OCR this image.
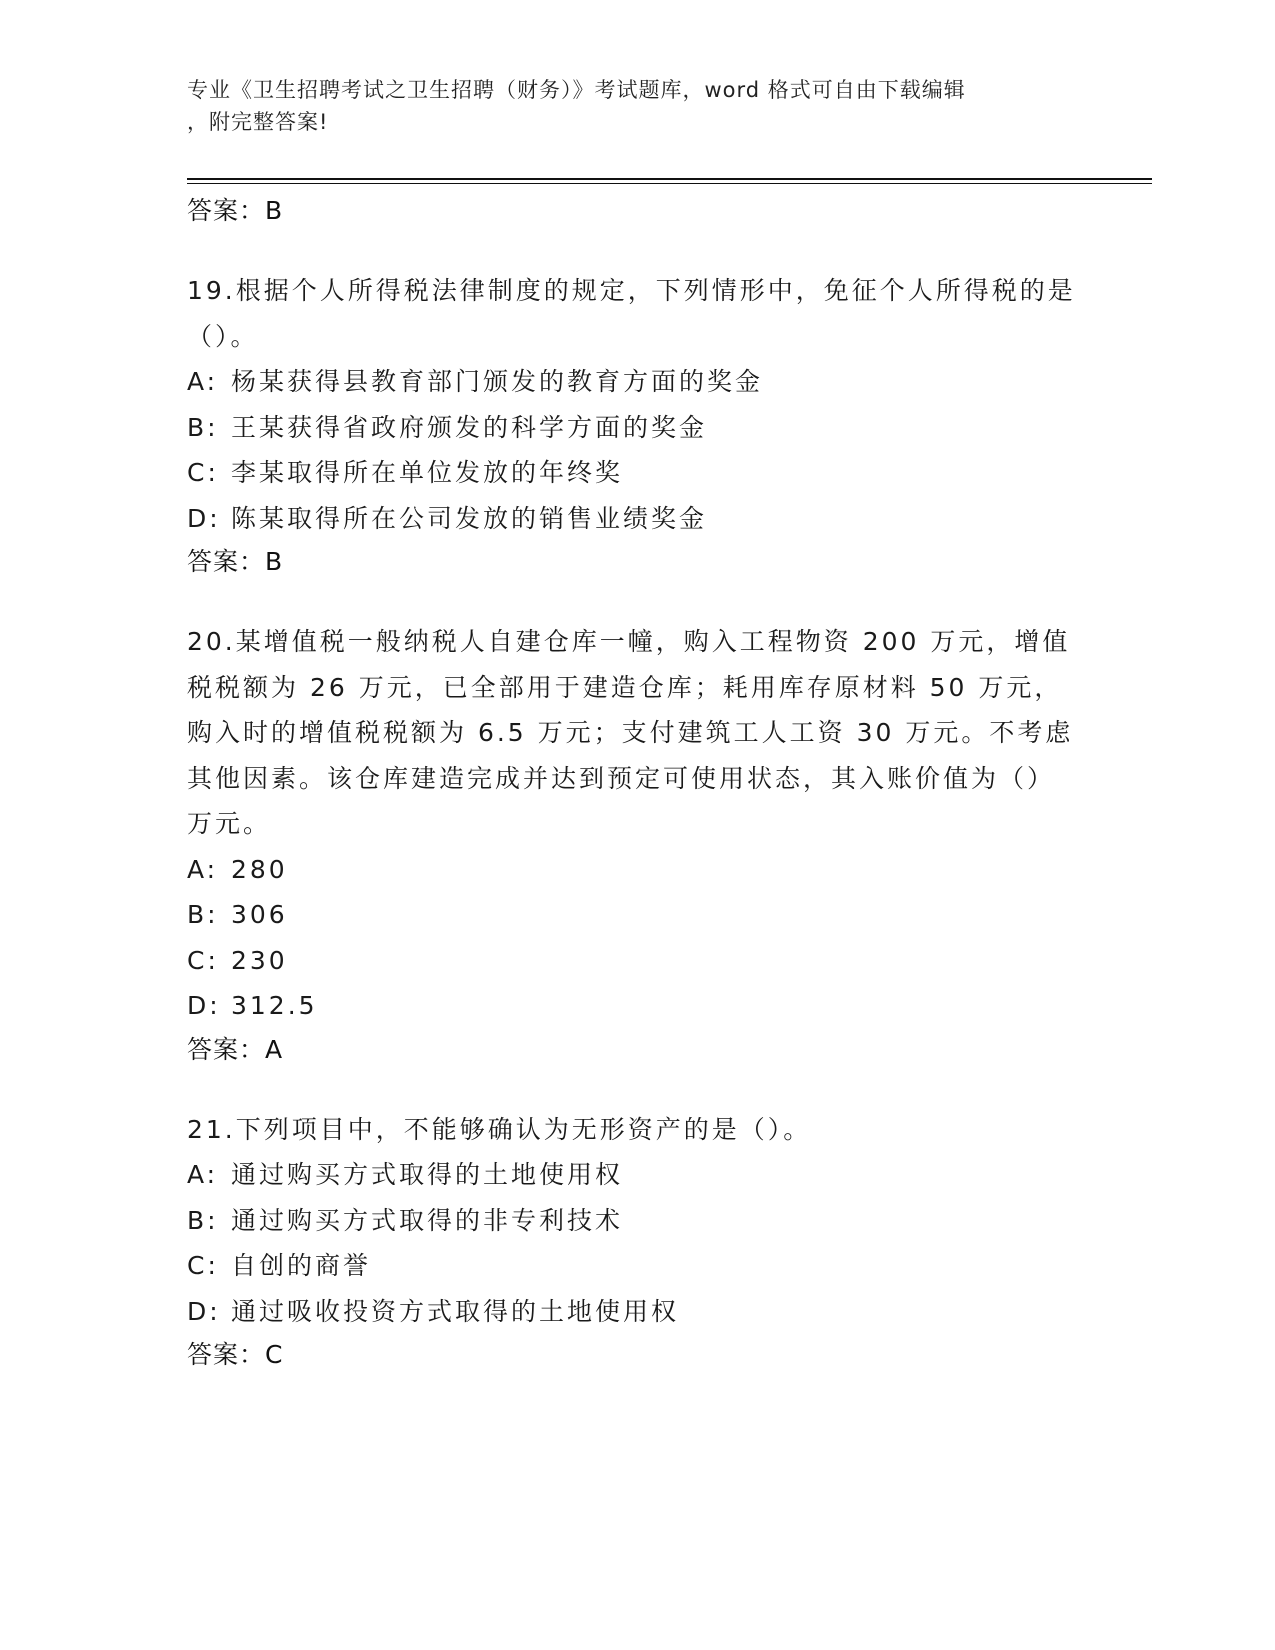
专业《卫生招聘考试之卫生招聘（财务）》考试题库，word 格式可自由下载编辑
，附完整答案!
答案：B
19.根据个人所得税法律制度的规定，下列情形中，免征个人所得税的是（）。
A: 杨某获得县教育部门颁发的教育方面的奖金
B: 王某获得省政府颁发的科学方面的奖金
C: 李某取得所在单位发放的年终奖
D: 陈某取得所在公司发放的销售业绩奖金
答案：B
20.某增值税一般纳税人自建仓库一幢，购入工程物资 200 万元，增值税税额为 26 万元，已全部用于建造仓库；耗用库存原材料 50 万元，购入时的增值税税额为 6.5 万元；支付建筑工人工资 30 万元。不考虑其他因素。该仓库建造完成并达到预定可使用状态，其入账价值为（）万元。
A: 280
B: 306
C: 230
D: 312.5
答案：A
21.下列项目中，不能够确认为无形资产的是（）。
A: 通过购买方式取得的土地使用权
B: 通过购买方式取得的非专利技术
C: 自创的商誉
D: 通过吸收投资方式取得的土地使用权
答案：C
